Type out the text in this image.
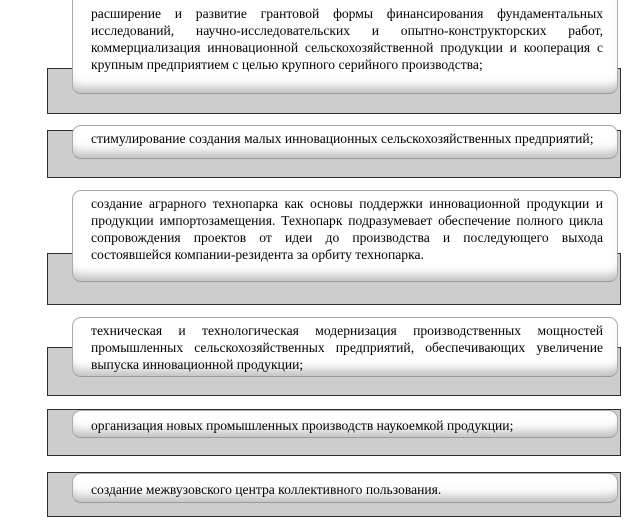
расширение и развитие грантовой формы финансирования фундаментальных исследований, научно-исследовательских и опытно-конструкторских работ, коммерциализация инновационной сельскохозяйственной продукции и кооперация с крупным предприятием с целью крупного серийного производства;

стимулирование создания малых инновационных сельскохозяйственных предприятий;

создание аграрного технопарка как основы поддержки инновационной продукции и продукции импортозамещения. Технопарк подразумевает обеспечение полного цикла сопровождения проектов от идеи до производства и последующего выхода состоявшейся компании-резидента за орбиту технопарка.

техническая и технологическая модернизация производственных мощностей промышленных сельскохозяйственных предприятий, обеспечивающих увеличение выпуска инновационной продукции;

организация новых промышленных производств наукоемкой продукции;

создание межвузовского центра коллективного пользования.
